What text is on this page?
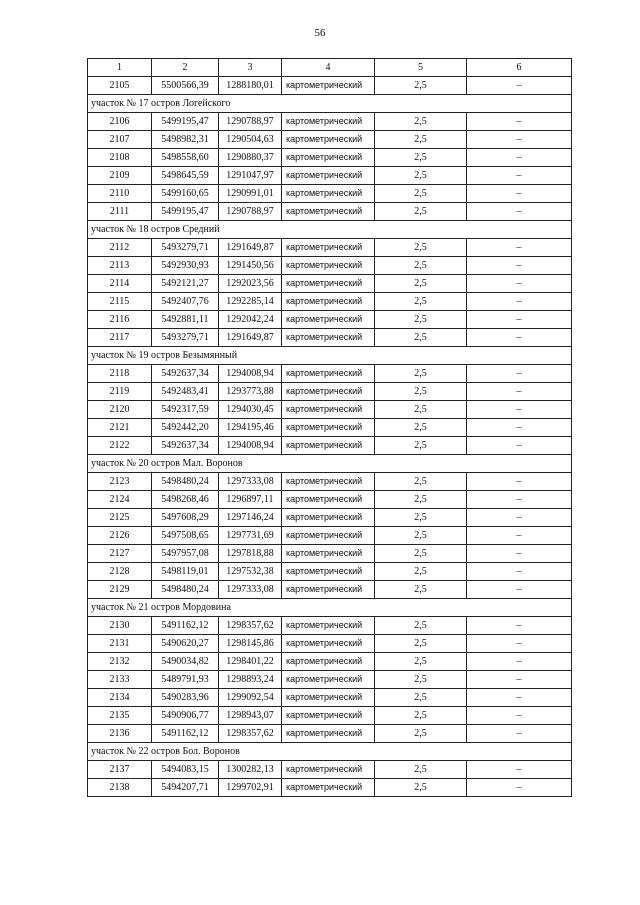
56
1	2	3	4	5	6
2105	5500566,39	1288180,01	картометрический	2,5	–
участок № 17 остров Логейского					
2106	5499195,47	1290788,97	картометрический	2,5	–
2107	5498982,31	1290504,63	картометрический	2,5	–
2108	5498558,60	1290880,37	картометрический	2,5	–
2109	5498645,59	1291047,97	картометрический	2,5	–
2110	5499160,65	1290991,01	картометрический	2,5	–
2111	5499195,47	1290788,97	картометрический	2,5	–
участок № 18 остров Средний					
2112	5493279,71	1291649,87	картометрический	2,5	–
2113	5492930,93	1291450,56	картометрический	2,5	–
2114	5492121,27	1292023,56	картометрический	2,5	–
2115	5492407,76	1292285,14	картометрический	2,5	–
2116	5492881,11	1292042,24	картометрический	2,5	–
2117	5493279,71	1291649,87	картометрический	2,5	–
участок № 19 остров Безымянный					
2118	5492637,34	1294008,94	картометрический	2,5	–
2119	5492483,41	1293773,88	картометрический	2,5	–
2120	5492317,59	1294030,45	картометрический	2,5	–
2121	5492442,20	1294195,46	картометрический	2,5	–
2122	5492637,34	1294008,94	картометрический	2,5	–
участок № 20 остров Мал. Воронов					
2123	5498480,24	1297333,08	картометрический	2,5	–
2124	5498268,46	1296897,11	картометрический	2,5	–
2125	5497608,29	1297146,24	картометрический	2,5	–
2126	5497508,65	1297731,69	картометрический	2,5	–
2127	5497957,08	1297818,88	картометрический	2,5	–
2128	5498119,01	1297532,38	картометрический	2,5	–
2129	5498480,24	1297333,08	картометрический	2,5	–
участок № 21 остров Мордовина					
2130	5491162,12	1298357,62	картометрический	2,5	–
2131	5490620,27	1298145,86	картометрический	2,5	–
2132	5490034,82	1298401,22	картометрический	2,5	–
2133	5489791,93	1298893,24	картометрический	2,5	–
2134	5490283,96	1299092,54	картометрический	2,5	–
2135	5490906,77	1298943,07	картометрический	2,5	–
2136	5491162,12	1298357,62	картометрический	2,5	–
участок № 22 остров Бол. Воронов					
2137	5494083,15	1300282,13	картометрический	2,5	–
2138	5494207,71	1299702,91	картометрический	2,5	–
